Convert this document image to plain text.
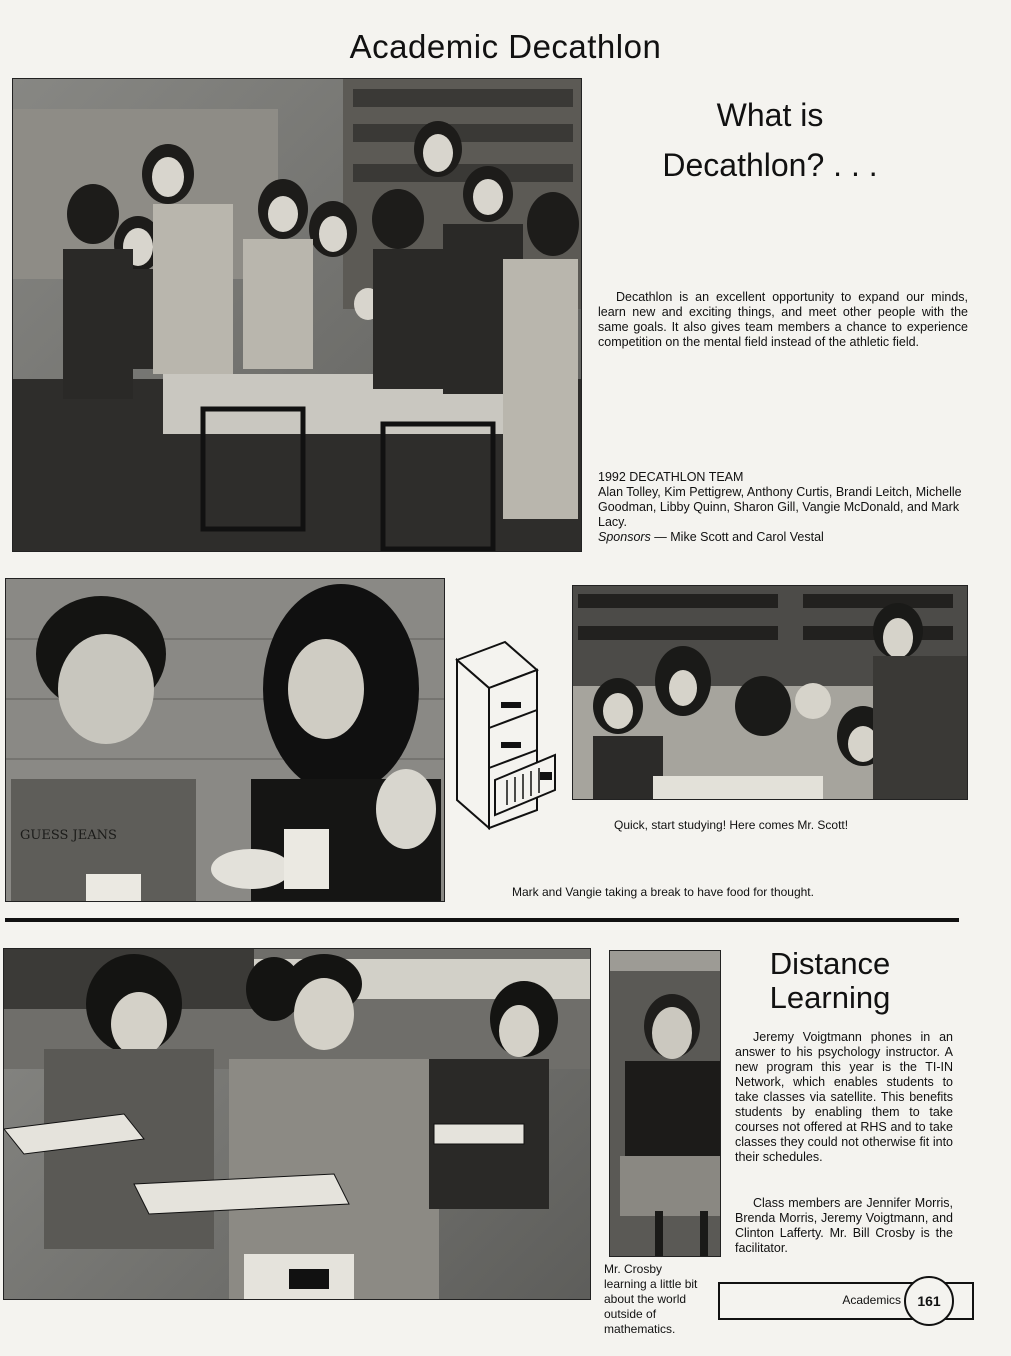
Academic Decathlon
What is
Decathlon? . . .
Decathlon is an excellent opportunity to expand our minds, learn new and exciting things, and meet other people with the same goals. It also gives team members a chance to experience competition on the mental field instead of the athletic field.
1992 DECATHLON TEAM
Alan Tolley, Kim Pettigrew, Anthony Curtis, Brandi Leitch, Michelle Goodman, Libby Quinn, Sharon Gill, Vangie McDonald, and Mark Lacy.
Sponsors — Mike Scott and Carol Vestal
GUESS JEANS
Quick, start studying! Here comes Mr. Scott!
Mark and Vangie taking a break to have food for thought.
Distance
Learning
Jeremy Voigtmann phones in an answer to his psychology instructor. A new program this year is the TI-IN Network, which enables students to take classes via satellite. This benefits students by enabling them to take courses not offered at RHS and to take classes they could not otherwise fit into their schedules.
Class members are Jennifer Morris, Brenda Morris, Jeremy Voigtmann, and Clinton Lafferty. Mr. Bill Crosby is the facilitator.
Mr. Crosby learning a little bit about the world outside of mathematics.
Academics 161
